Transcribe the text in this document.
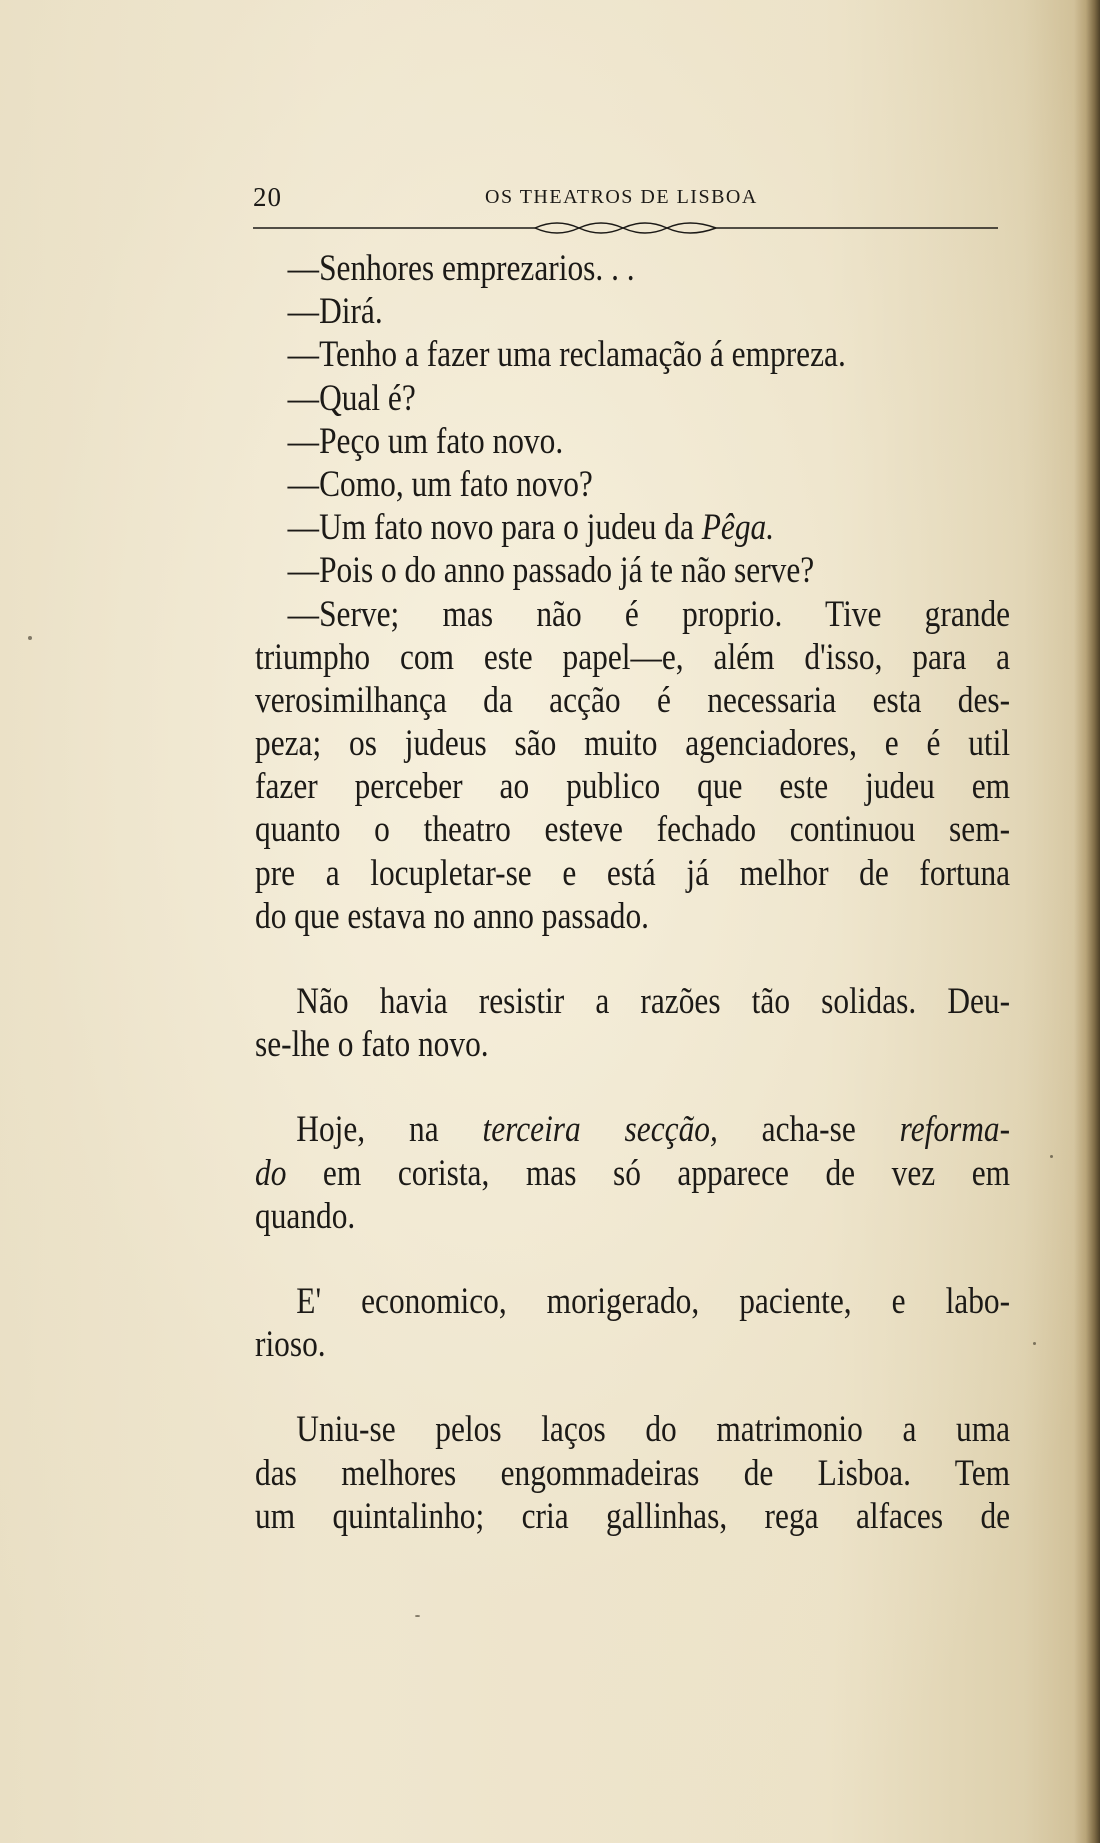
20	OS THEATROS DE LISBOA
—Senhores emprezarios. . .
—Dirá.
—Tenho a fazer uma reclamação á empreza.
—Qual é?
—Peço um fato novo.
—Como, um fato novo?
—Um fato novo para o judeu da Pêga.
—Pois o do anno passado já te não serve?
—Serve; mas não é proprio. Tive grande
triumpho com este papel—e, além d'isso, para a
verosimilhança da acção é necessaria esta des-
peza; os judeus são muito agenciadores, e é util
fazer perceber ao publico que este judeu em
quanto o theatro esteve fechado continuou sem-
pre a locupletar-se e está já melhor de fortuna
do que estava no anno passado.
Não havia resistir a razões tão solidas. Deu-
se-lhe o fato novo.
Hoje, na terceira secção, acha-se reforma-
do em corista, mas só apparece de vez em
quando.
E' economico, morigerado, paciente, e labo-
rioso.
Uniu-se pelos laços do matrimonio a uma
das melhores engommadeiras de Lisboa. Tem
um quintalinho; cria gallinhas, rega alfaces de
